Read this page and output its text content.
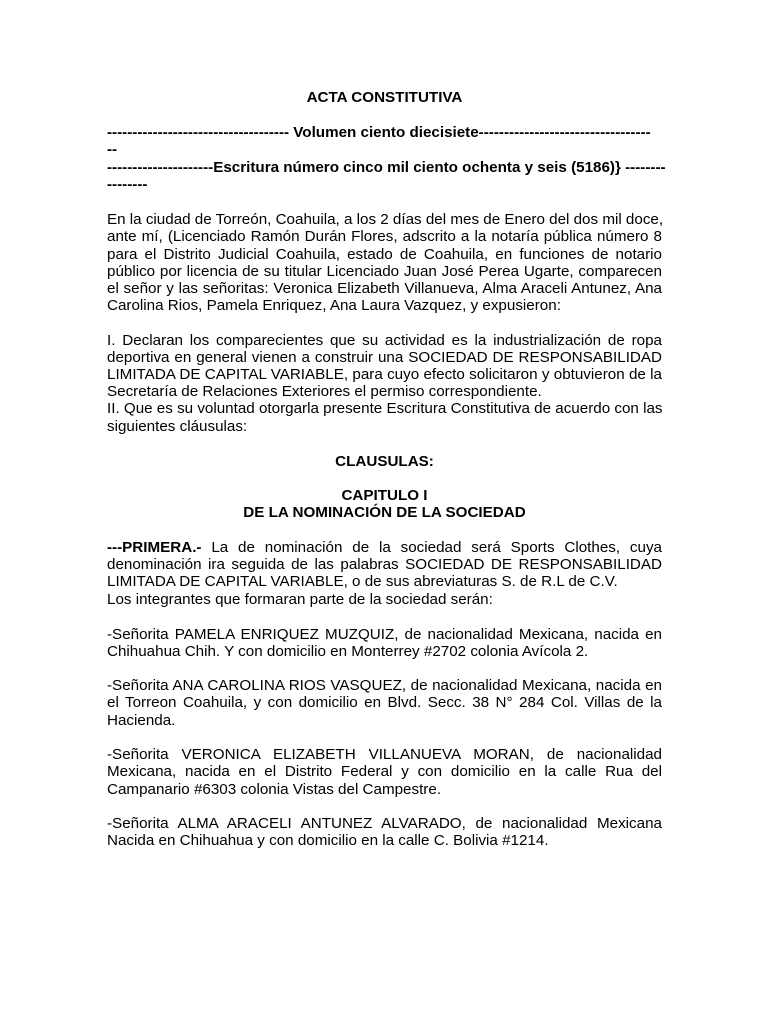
ACTA CONSTITUTIVA
------------------------------------ Volumen ciento diecisiete----------------------------------
--
---------------------Escritura número cinco mil ciento ochenta y seis (5186)} --------
--------
En la ciudad de Torreón, Coahuila, a los 2 días del mes de Enero del dos mil doce,
ante mí, (Licenciado Ramón Durán Flores, adscrito a la notaría pública número 8
para el Distrito Judicial Coahuila, estado de Coahuila, en funciones de notario
público por licencia de su titular Licenciado Juan José Perea Ugarte, comparecen
el señor y las señoritas: Veronica Elizabeth Villanueva, Alma Araceli Antunez, Ana
Carolina Rios, Pamela Enriquez, Ana Laura Vazquez, y expusieron:
I. Declaran los comparecientes que su actividad es la industrialización de ropa
deportiva en general vienen a construir una SOCIEDAD DE RESPONSABILIDAD
LIMITADA DE CAPITAL VARIABLE, para cuyo efecto solicitaron y obtuvieron de la
Secretaría de Relaciones Exteriores el permiso correspondiente.
II. Que es su voluntad otorgarla presente Escritura Constitutiva de acuerdo con las
siguientes cláusulas:
CLAUSULAS:
CAPITULO I
DE LA NOMINACIÓN DE LA SOCIEDAD
---PRIMERA.- La de nominación de la sociedad será Sports Clothes, cuya
denominación ira seguida de las palabras SOCIEDAD DE RESPONSABILIDAD
LIMITADA DE CAPITAL VARIABLE, o de sus abreviaturas S. de R.L de C.V.
Los integrantes que formaran parte de la sociedad serán:
-Señorita PAMELA ENRIQUEZ MUZQUIZ, de nacionalidad Mexicana, nacida en
Chihuahua Chih. Y con domicilio en Monterrey #2702 colonia Avícola 2.
-Señorita ANA CAROLINA RIOS VASQUEZ, de nacionalidad Mexicana, nacida en
el Torreon Coahuila, y con domicilio en Blvd. Secc. 38 N° 284 Col. Villas de la
Hacienda.
-Señorita VERONICA ELIZABETH VILLANUEVA MORAN, de nacionalidad
Mexicana, nacida en el Distrito Federal y con domicilio en la calle Rua del
Campanario #6303 colonia Vistas del Campestre.
-Señorita ALMA ARACELI ANTUNEZ ALVARADO, de nacionalidad Mexicana
Nacida en Chihuahua y con domicilio en la calle C. Bolivia #1214.
